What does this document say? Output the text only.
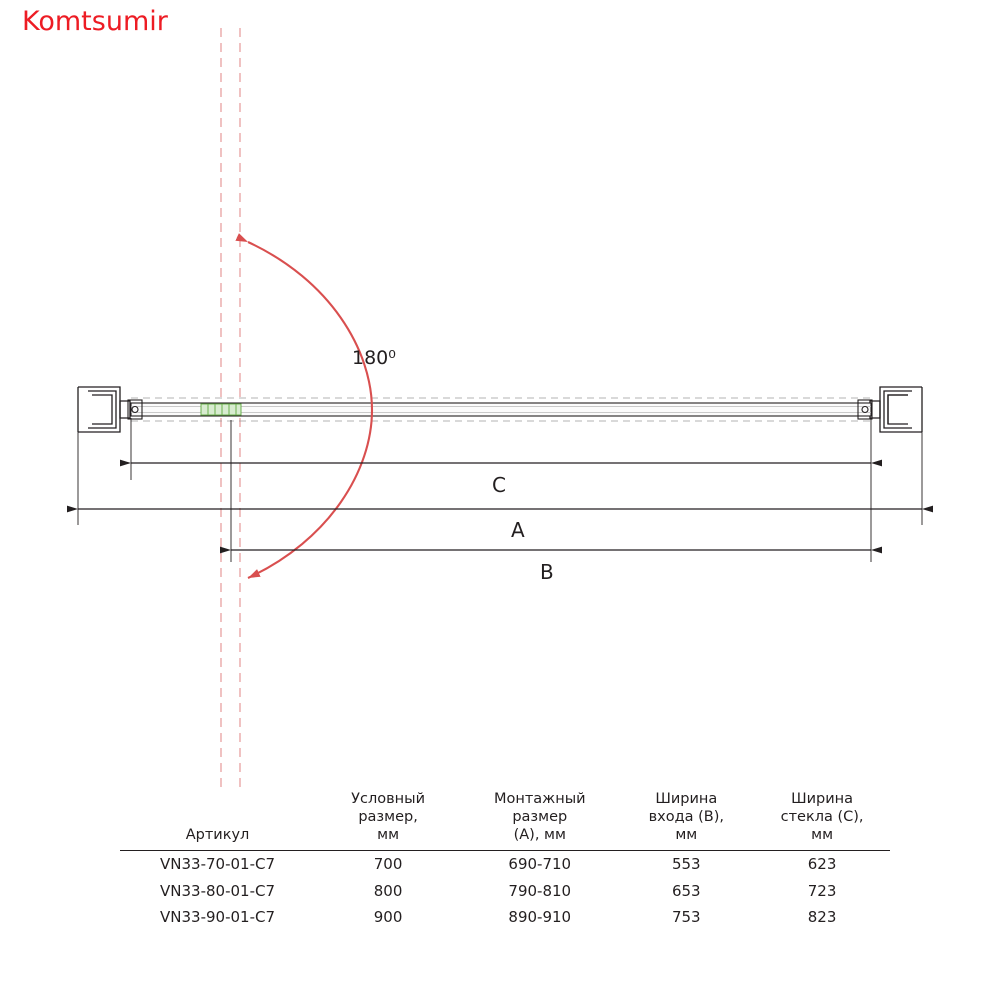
Komtsumir
180⁰
C
A
B
Артикул

Условный
размер,
мм

Монтажный
размер
(А), мм

Ширина
входа (B),
мм

Ширина
стекла (C),
мм

VN33-70-01-C7	700	690-710	553	623
VN33-80-01-C7	800	790-810	653	723
VN33-90-01-C7	900	890-910	753	823
